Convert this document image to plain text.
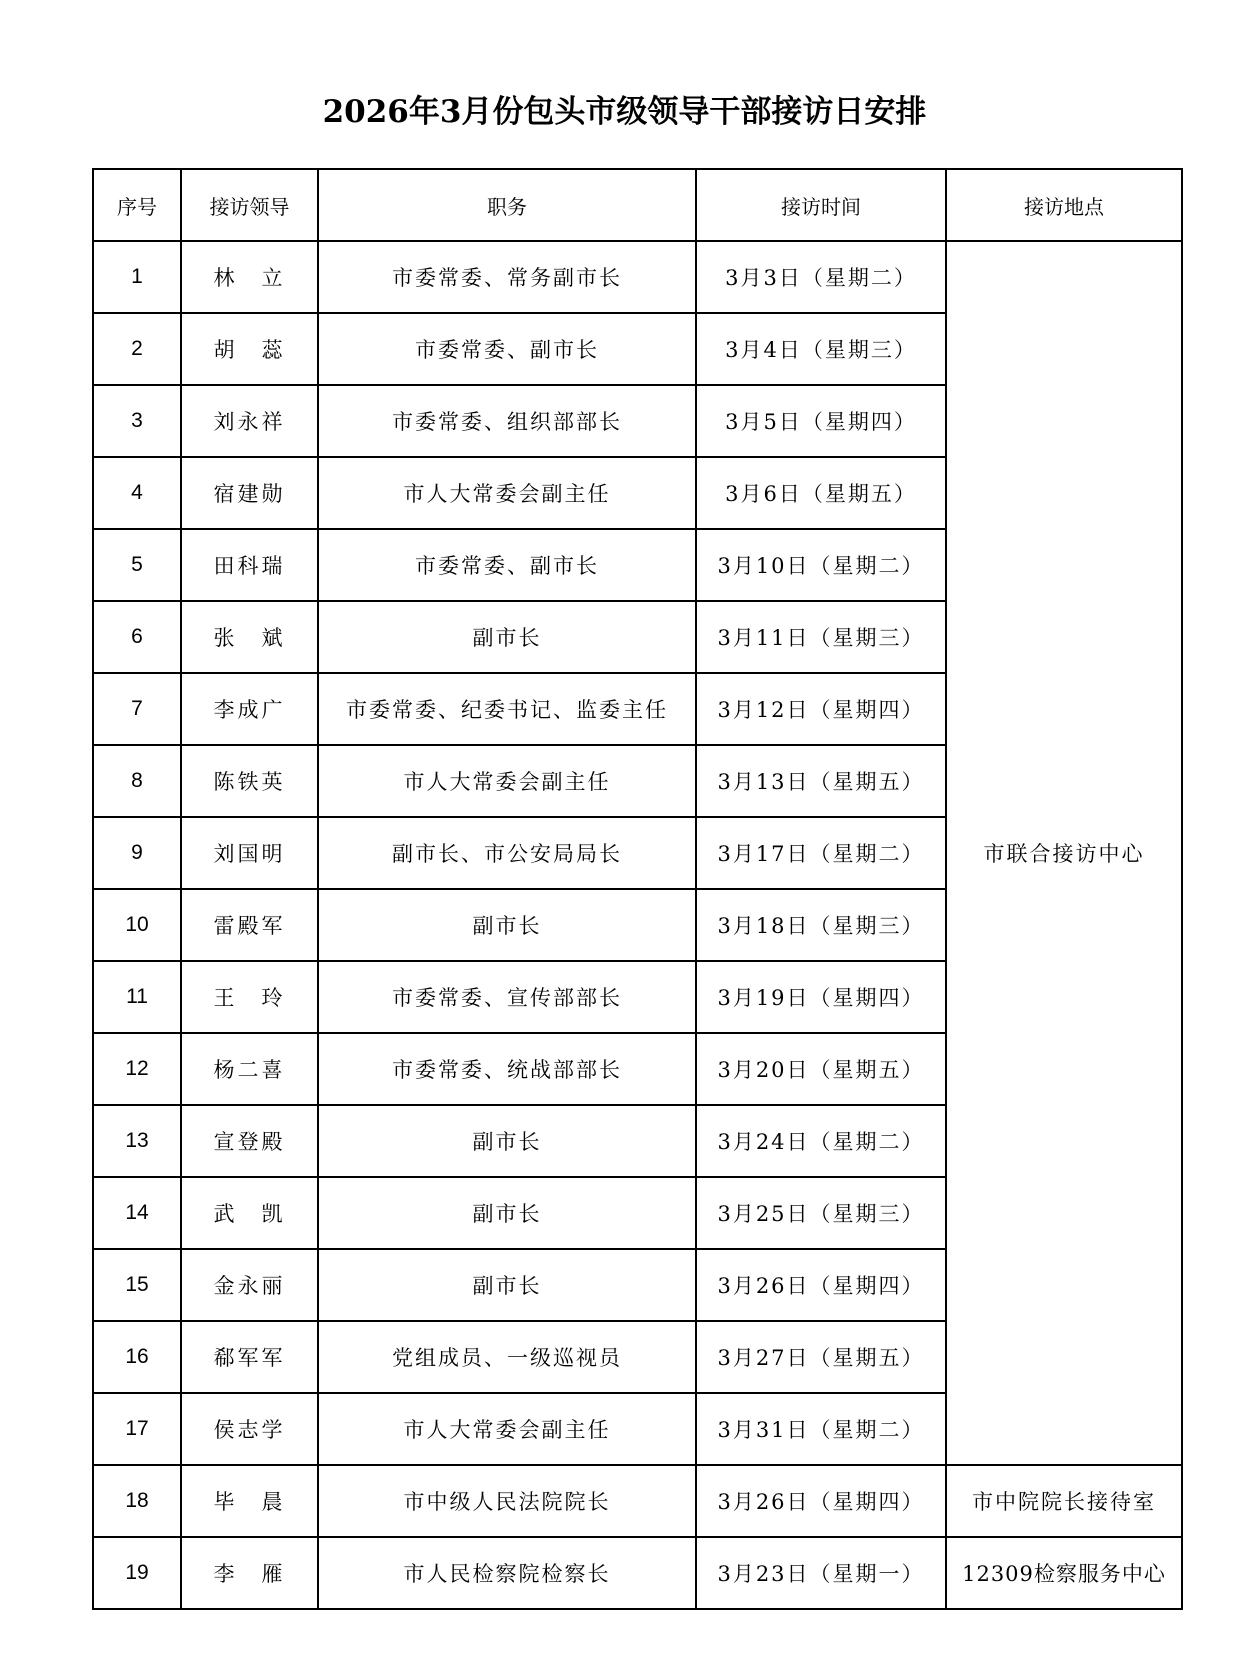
2026年3月份包头市级领导干部接访日安排
序号	接访领导	职务	接访时间	接访地点
1	林　立	市委常委、常务副市长	3月3日（星期二）	市联合接访中心
2	胡　蕊	市委常委、副市长	3月4日（星期三）	
3	刘永祥	市委常委、组织部部长	3月5日（星期四）	
4	宿建勋	市人大常委会副主任	3月6日（星期五）	
5	田科瑞	市委常委、副市长	3月10日（星期二）	
6	张　斌	副市长	3月11日（星期三）	
7	李成广	市委常委、纪委书记、监委主任	3月12日（星期四）	
8	陈铁英	市人大常委会副主任	3月13日（星期五）	
9	刘国明	副市长、市公安局局长	3月17日（星期二）	
10	雷殿军	副市长	3月18日（星期三）	
11	王　玲	市委常委、宣传部部长	3月19日（星期四）	
12	杨二喜	市委常委、统战部部长	3月20日（星期五）	
13	宣登殿	副市长	3月24日（星期二）	
14	武　凯	副市长	3月25日（星期三）	
15	金永丽	副市长	3月26日（星期四）	
16	郗军军	党组成员、一级巡视员	3月27日（星期五）	
17	侯志学	市人大常委会副主任	3月31日（星期二）	
18	毕　晨	市中级人民法院院长	3月26日（星期四）	市中院院长接待室
19	李　雁	市人民检察院检察长	3月23日（星期一）	12309检察服务中心
